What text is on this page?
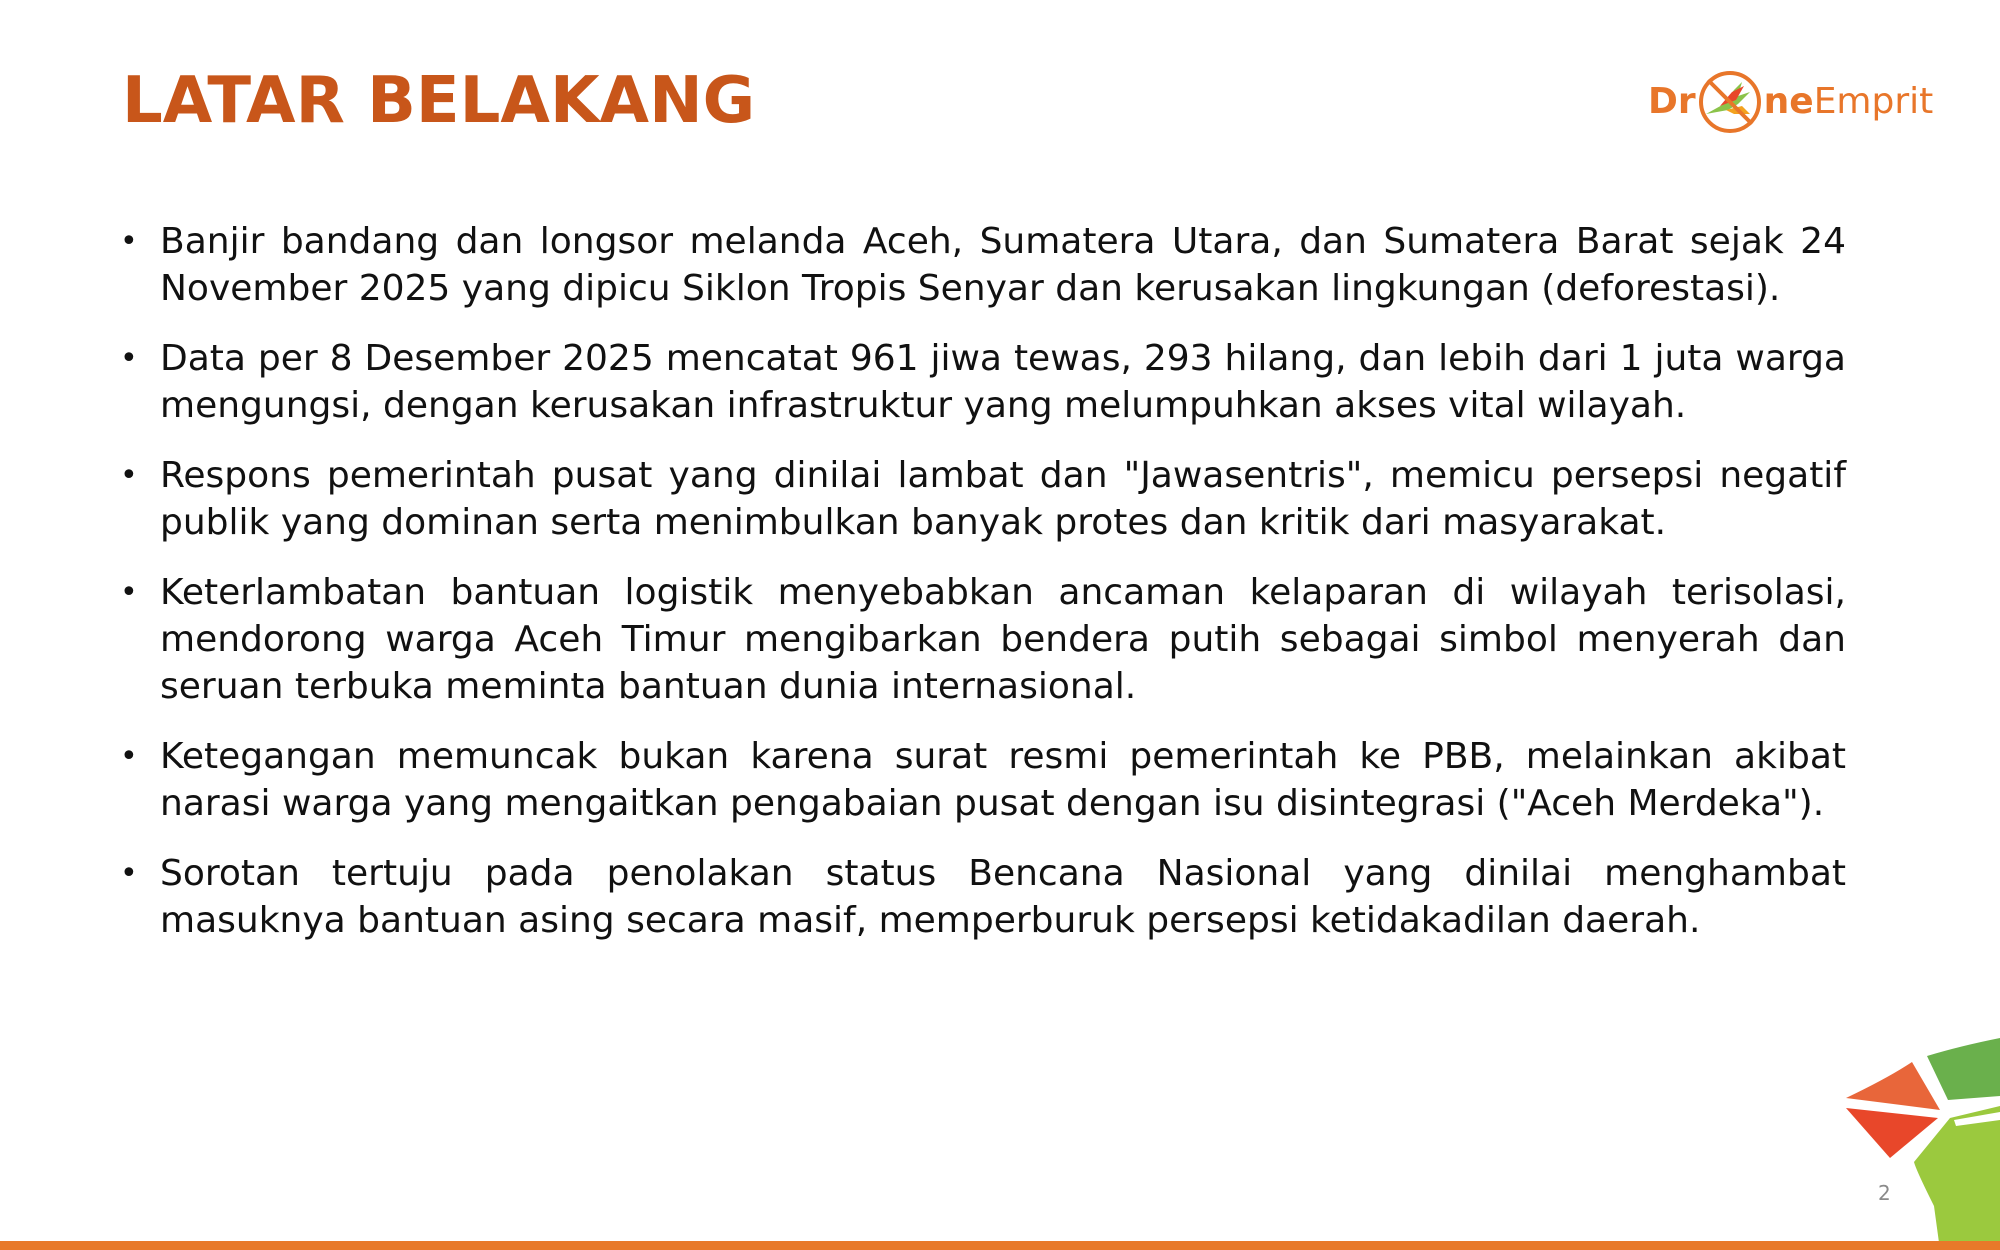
LATAR BELAKANG	Dr ne Emprit
• Banjir bandang dan longsor melanda Aceh, Sumatera Utara, dan Sumatera Barat sejak 24 November 2025 yang dipicu Siklon Tropis Senyar dan kerusakan lingkungan (deforestasi).
• Data per 8 Desember 2025 mencatat 961 jiwa tewas, 293 hilang, dan lebih dari 1 juta warga mengungsi, dengan kerusakan infrastruktur yang melumpuhkan akses vital wilayah.
• Respons pemerintah pusat yang dinilai lambat dan "Jawasentris", memicu persepsi negatif publik yang dominan serta menimbulkan banyak protes dan kritik dari masyarakat.
• Keterlambatan bantuan logistik menyebabkan ancaman kelaparan di wilayah terisolasi, mendorong warga Aceh Timur mengibarkan bendera putih sebagai simbol menyerah dan seruan terbuka meminta bantuan dunia internasional.
• Ketegangan memuncak bukan karena surat resmi pemerintah ke PBB, melainkan akibat narasi warga yang mengaitkan pengabaian pusat dengan isu disintegrasi ("Aceh Merdeka").
• Sorotan tertuju pada penolakan status Bencana Nasional yang dinilai menghambat masuknya bantuan asing secara masif, memperburuk persepsi ketidakadilan daerah.
2
